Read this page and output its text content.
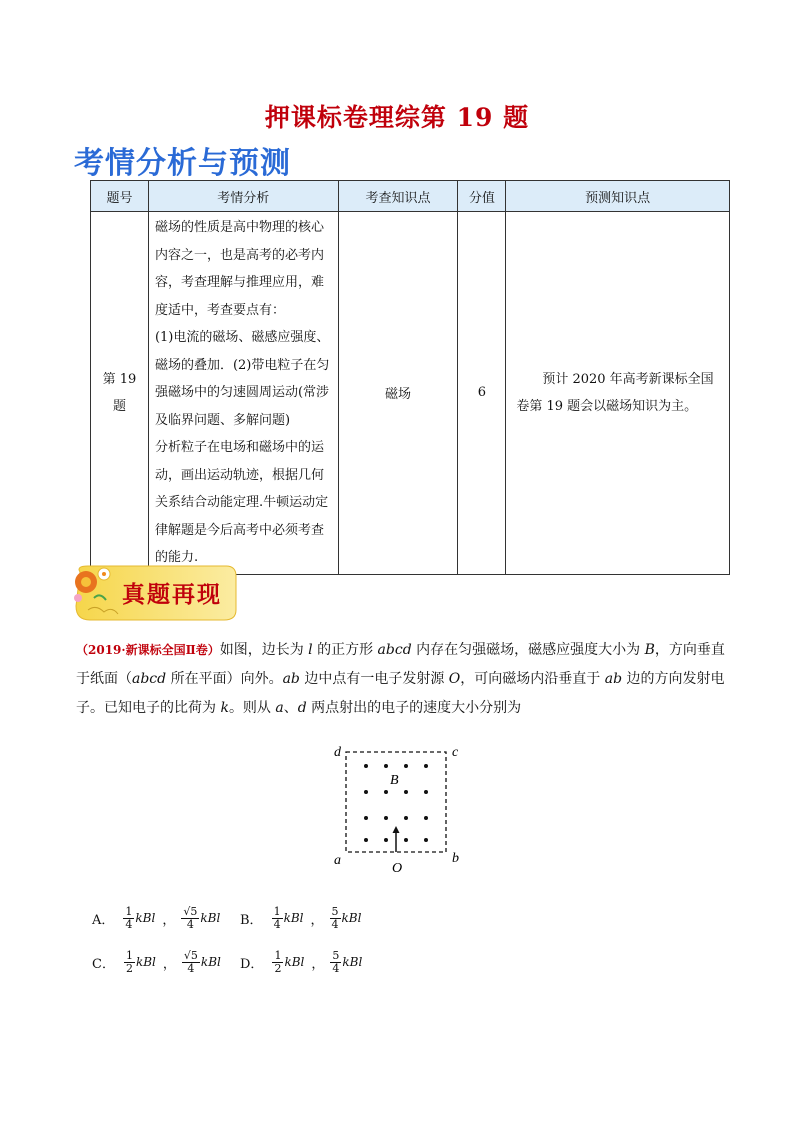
押课标卷理综第 19 题
考情分析与预测
题号	考情分析	考查知识点	分值	预测知识点
第 19 题	磁场的性质是高中物理的核心内容之一，也是高考的必考内容，考查理解与推理应用，难度适中，考查要点有：

(1)电流的磁场、磁感应强度、磁场的叠加．(2)带电粒子在匀强磁场中的匀速圆周运动(常涉及临界问题、多解问题)

分析粒子在电场和磁场中的运动，画出运动轨迹，根据几何关系结合动能定理.牛顿运动定律解题是今后高考中必须考查的能力.	磁场	6	预计 2020 年高考新课标全国卷第 19 题会以磁场知识为主。
真题再现
（2019·新课标全国Ⅱ卷）如图，边长为 l 的正方形 abcd 内存在匀强磁场，磁感应强度大小为 B，方向垂直于纸面（abcd 所在平面）向外。ab 边中点有一电子发射源 O，可向磁场内沿垂直于 ab 边的方向发射电子。已知电子的比荷为 k。则从 a、d 两点射出的电子的速度大小分别为
d	c
a	b
B
O
A． $\frac{1}{4}$ kBl ， $\frac{√5}{4}$ kBl B． $\frac{1}{4}$ kBl ， $\frac{5}{4}$ kBl
C． $\frac{1}{2}$ kBl ， $\frac{√5}{4}$ kBl D． $\frac{1}{2}$ kBl ， $\frac{5}{4}$ kBl
